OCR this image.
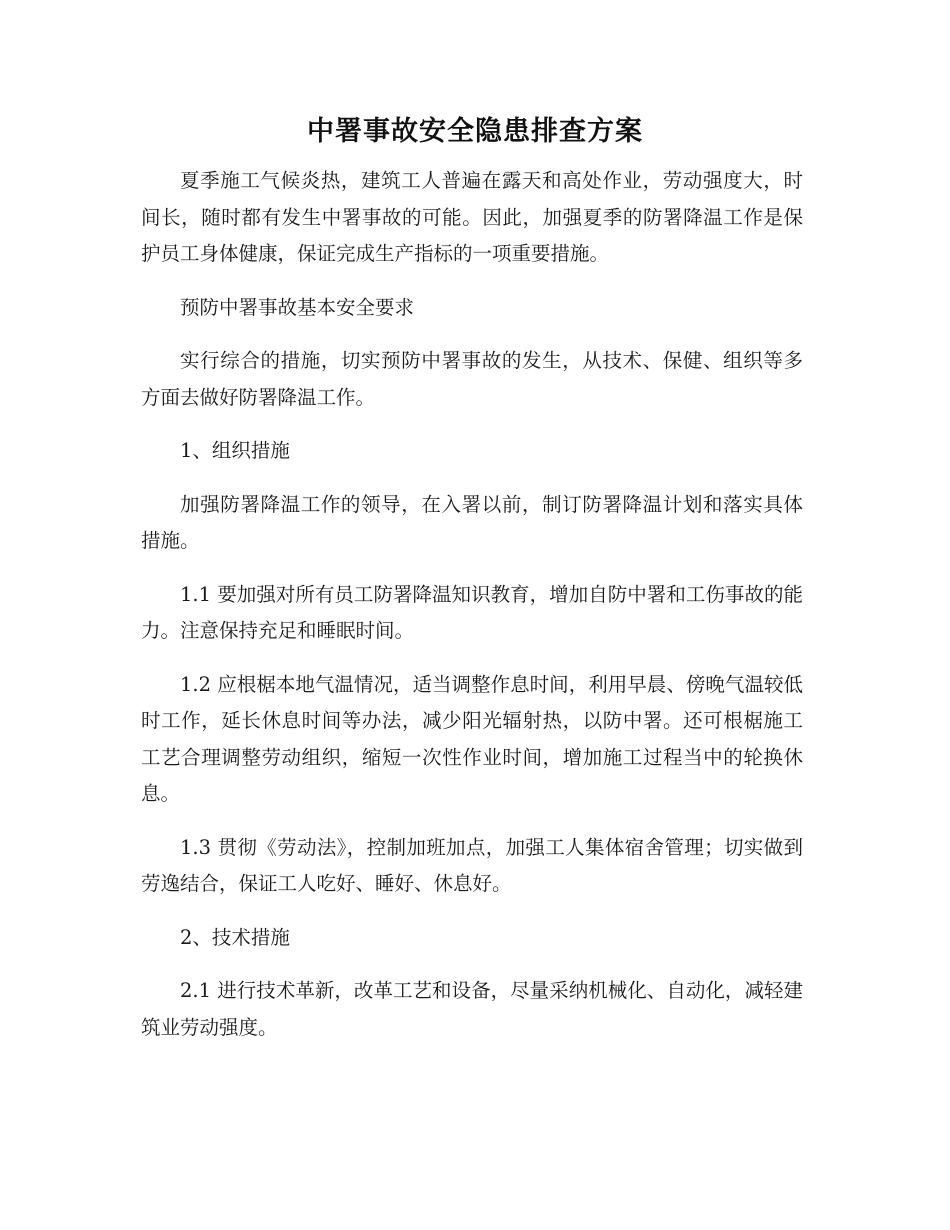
中署事故安全隐患排查方案

夏季施工气候炎热，建筑工人普遍在露天和高处作业，劳动强度大，时间长，随时都有发生中署事故的可能。因此，加强夏季的防署降温工作是保护员工身体健康，保证完成生产指标的一项重要措施。

预防中署事故基本安全要求

实行综合的措施，切实预防中署事故的发生，从技术、保健、组织等多方面去做好防署降温工作。

1、组织措施

加强防署降温工作的领导，在入署以前，制订防署降温计划和落实具体措施。

1.1 要加强对所有员工防署降温知识教育，增加自防中署和工伤事故的能力。注意保持充足和睡眠时间。

1.2 应根椐本地气温情况，适当调整作息时间，利用早晨、傍晚气温较低时工作，延长休息时间等办法，减少阳光辐射热，以防中署。还可根椐施工工艺合理调整劳动组织，缩短一次性作业时间，增加施工过程当中的轮换休息。

1.3 贯彻《劳动法》，控制加班加点，加强工人集体宿舍管理；切实做到劳逸结合，保证工人吃好、睡好、休息好。

2、技术措施

2.1 进行技术革新，改革工艺和设备，尽量采纳机械化、自动化，减轻建筑业劳动强度。
